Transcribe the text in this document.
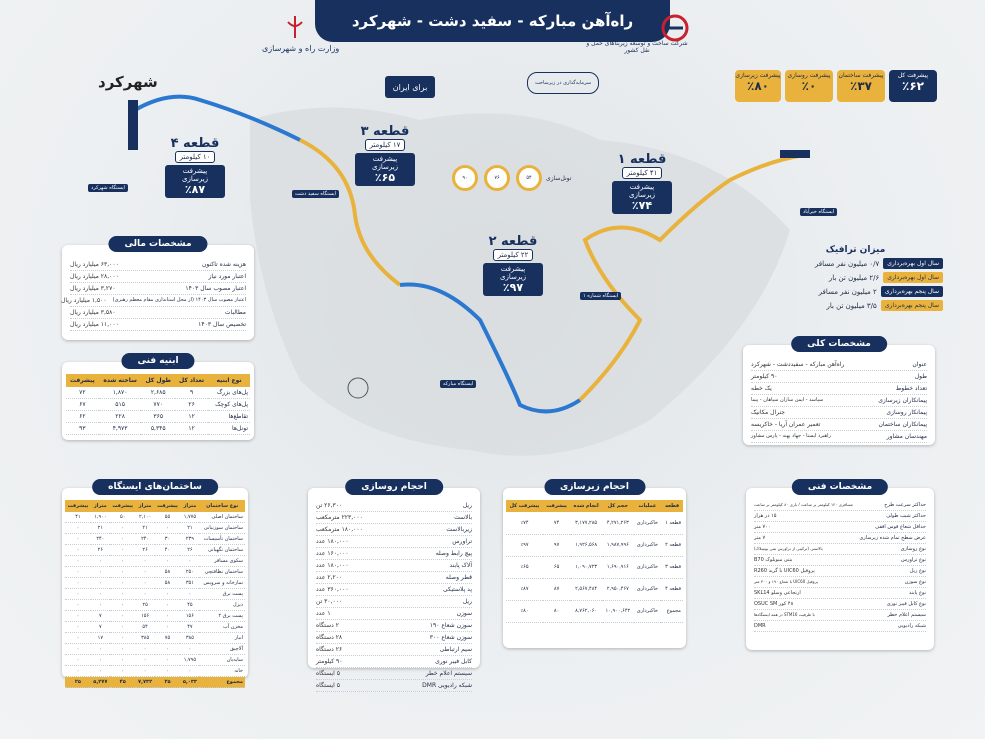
راه‌آهن مبارکه - سفید دشت - شهرکرد
وزارت راه و شهرسازی
شرکت ساخت و توسعه زیربناهای حمل و نقل کشور
شهرکرد	برای ایران	سرمایه‌گذاری در زیرساخت
پیشرفت کل
٪۶۲
پیشرفت ساختمان
٪۳۷
پیشرفت روسازی
٪۰
پیشرفت زیرسازی
٪۸۰
۹۰	۷۶	۵۴	تونل‌سازی
قطعه ۱
۴۱ کیلومتر
پیشرفت زیرسازی
٪۷۴
قطعه ۲
۲۲ کیلومتر
پیشرفت زیرسازی
٪۹۷
قطعه ۳
۱۷ کیلومتر
پیشرفت زیرسازی
٪۶۵
قطعه ۴
۱۰ کیلومتر
پیشرفت زیرسازی
٪۸۷
ایستگاه شهرکرد
ایستگاه سفید دشت
ایستگاه شماره ۱
ایستگاه خیرآباد
ایستگاه مبارکه
میزان ترافیک
سال اول بهره‌برداری
۰/۷ میلیون نفر مسافر
سال اول بهره‌برداری
۲/۶ میلیون تن بار
سال پنجم بهره‌برداری
۲ میلیون نفر مسافر
سال پنجم بهره‌برداری
۳/۵ میلیون تن بار
مشخصات مالی
هزینه شده تاکنون
۶۳,۰۰۰ میلیارد ریال
اعتبار مورد نیاز
۲۸,۰۰۰ میلیارد ریال
اعتبار مصوب سال ۱۴۰۳
۳,۲۷۰ میلیارد ریال
اعتبار مصوب سال ۱۴۰۳ (از محل استانداری مقام معظم رهبری)
۱,۵۰۰ میلیارد ریال
مطالبات
۳,۵۸۰ میلیارد ریال
تخصیص سال ۱۴۰۳
۱۱,۰۰۰ میلیارد ریال
ابنیه فنی
نوع ابنیه	تعداد کل	طول کل	ساخته شده	پیشرفت
پل‌های بزرگ	۹	۲,۶۸۵	۱,۸۷۰	۷۲
پل‌های کوچک	۲۶	۷۷۰	۵۱۵	۶۷
تقاطع‌ها	۱۲	۳۶۵	۲۲۸	۶۲
تونل‌ها	۱۲	۵,۳۴۵	۴,۹۷۳	۹۳
مشخصات کلی
عنوان
راه‌آهن مبارکه - سفیددشت - شهرکرد
طول
۹۰ کیلومتر
تعداد خطوط
یک خطه
پیمانکاران زیرسازی
سپاسد - ایمن سازان سپاهان - پیما
پیمانکار روسازی
جنرال مکانیک
پیمانکاران ساختمان
تعمیر عمران آریا - خاکریسه
مهندسان مشاور
راهبرد ایستا - جهاد پهنه - پارس مشاور
ساختمان‌های ایستگاه
نوع ساختمان	متراژ	پیشرفت	متراژ	پیشرفت	متراژ	پیشرفت
ساختمان اصلی	۱,۷۷۵	۵۵	۲,۱۰۰	۵۰	۱,۹۰۰	۴۱
ساختمان سوزنبانی	۲۱	۰	۲۱	۰	۲۱	۰
ساختمان تأسیسات	۲۳۹	۳۰	۲۴۰	۰	۲۴۰	۰
ساختمان نگهبانی	۲۶	۴۰	۲۶	۰	۲۶	۰
سکوی مسافر	۰	۰	۰	۰	۰	۰
ساختمان نظافتچی	۲۵۰	۵۸	۰	۰	۰	۰
نمازخانه و سرویس	۳۵۱	۵۸	۰	۰	۰	۰
پست برق	۰	۰	۰	۰	۰	۰
دیزل	۴۵	۰	۲۵	۰	۰	۰
پست برق ۲	۱۵۶	۰	۱۵۶	۰	۷	۰
مخزن آب	۴۷	۰	۵۴	۰	۷	۰
انبار	۳۸۵	۷۵	۳۸۵	۰	۱۷	۰
آلاچیق	۰	۰	۰	۰	۰	۰
سایه‌بان	۱,۷۹۵	۰	۰	۰	۰	۰
خانه	۰	۰	۰	۰	۰	۰
مجموع	۵,۰۳۳	۲۵	۷,۷۳۲	۴۵	۵,۲۷۷	۲۵
احجام روسازی
ریل
۲۶,۳۰۰ تن
بالاست
۲۲۳,۰۰۰ مترمکعب
زیربالاست
۱۸۰,۰۰۰ مترمکعب
تراورس
۱۸۰,۰۰۰ عدد
پیچ رابط وصله
۱۶۰,۰۰۰ عدد
آلاک پابند
۱۸۰,۰۰۰ عدد
قطر وصله
۲,۲۰۰ عدد
پد پلاستیکی
۳۶۰,۰۰۰ عدد
ریل
۳۰,۰۰۰ تن
سوزن
۱ عدد
سوزن شعاع ۱۹۰
۲ دستگاه
سوزن شعاع ۳۰۰
۲۸ دستگاه
سیم ارتباطی
۲۶ دستگاه
کابل فیبر نوری
۹۰ کیلومتر
سیستم اعلام خطر
۵ ایستگاه
شبکه رادیویی DMR
۵ ایستگاه
احجام زیرسازی
قطعه	عملیات	حجم کل	انجام شده	پیشرفت	پیشرفت کل
قطعه ۱	خاکبرداری	۴,۲۷۱,۲۶۳	۳,۱۷۷,۲۸۵	۷۴	٪۷۴
قطعه ۲	خاکبرداری	۱,۹۸۷,۹۹۶	۱,۹۲۶,۵۶۸	۹۷	٪۹۷
قطعه ۳	خاکبرداری	۱,۶۹۰,۹۱۶	۱,۰۹۰,۷۲۳	۶۵	٪۶۵
قطعه ۴	خاکبرداری	۲,۹۵۰,۴۶۷	۲,۵۶۷,۴۸۴	۸۷	٪۸۷
مجموع	خاکبرداری	۱۰,۹۰۰,۶۴۲	۸,۷۶۲,۰۶۰	۸۰	٪۸۰
مشخصات فنی
حداکثر سرعت طرح
مسافری ۱۲۰ کیلومتر بر ساعت / باری ۸۰ کیلومتر بر ساعت
حداکثر شیب طولی
۱۵ در هزار
حداقل شعاع قوس افقی
۷۰۰ متر
عرض سطح تمام شده زیرسازی
۷ متر
نوع روسازی
بالاستی (ترکیبی از تراورس بتنی یونیبلاک)
نوع تراورس
بتنی منوبلوک B70
نوع ریل
پروفیل UIC60 با گرید R260
نوع سوزن
پروفیل UIC60 با شعاع ۱۹۰ و ۳۰۰ متر
نوع پابند
ارتجاعی وسلو SKL14
نوع کابل فیبر نوری
۴۸ کور OSUC SM
سیستم اعلام خطر
با ظرفیت STM16 در همه ایستگاه‌ها
شبکه رادیویی
DMR
